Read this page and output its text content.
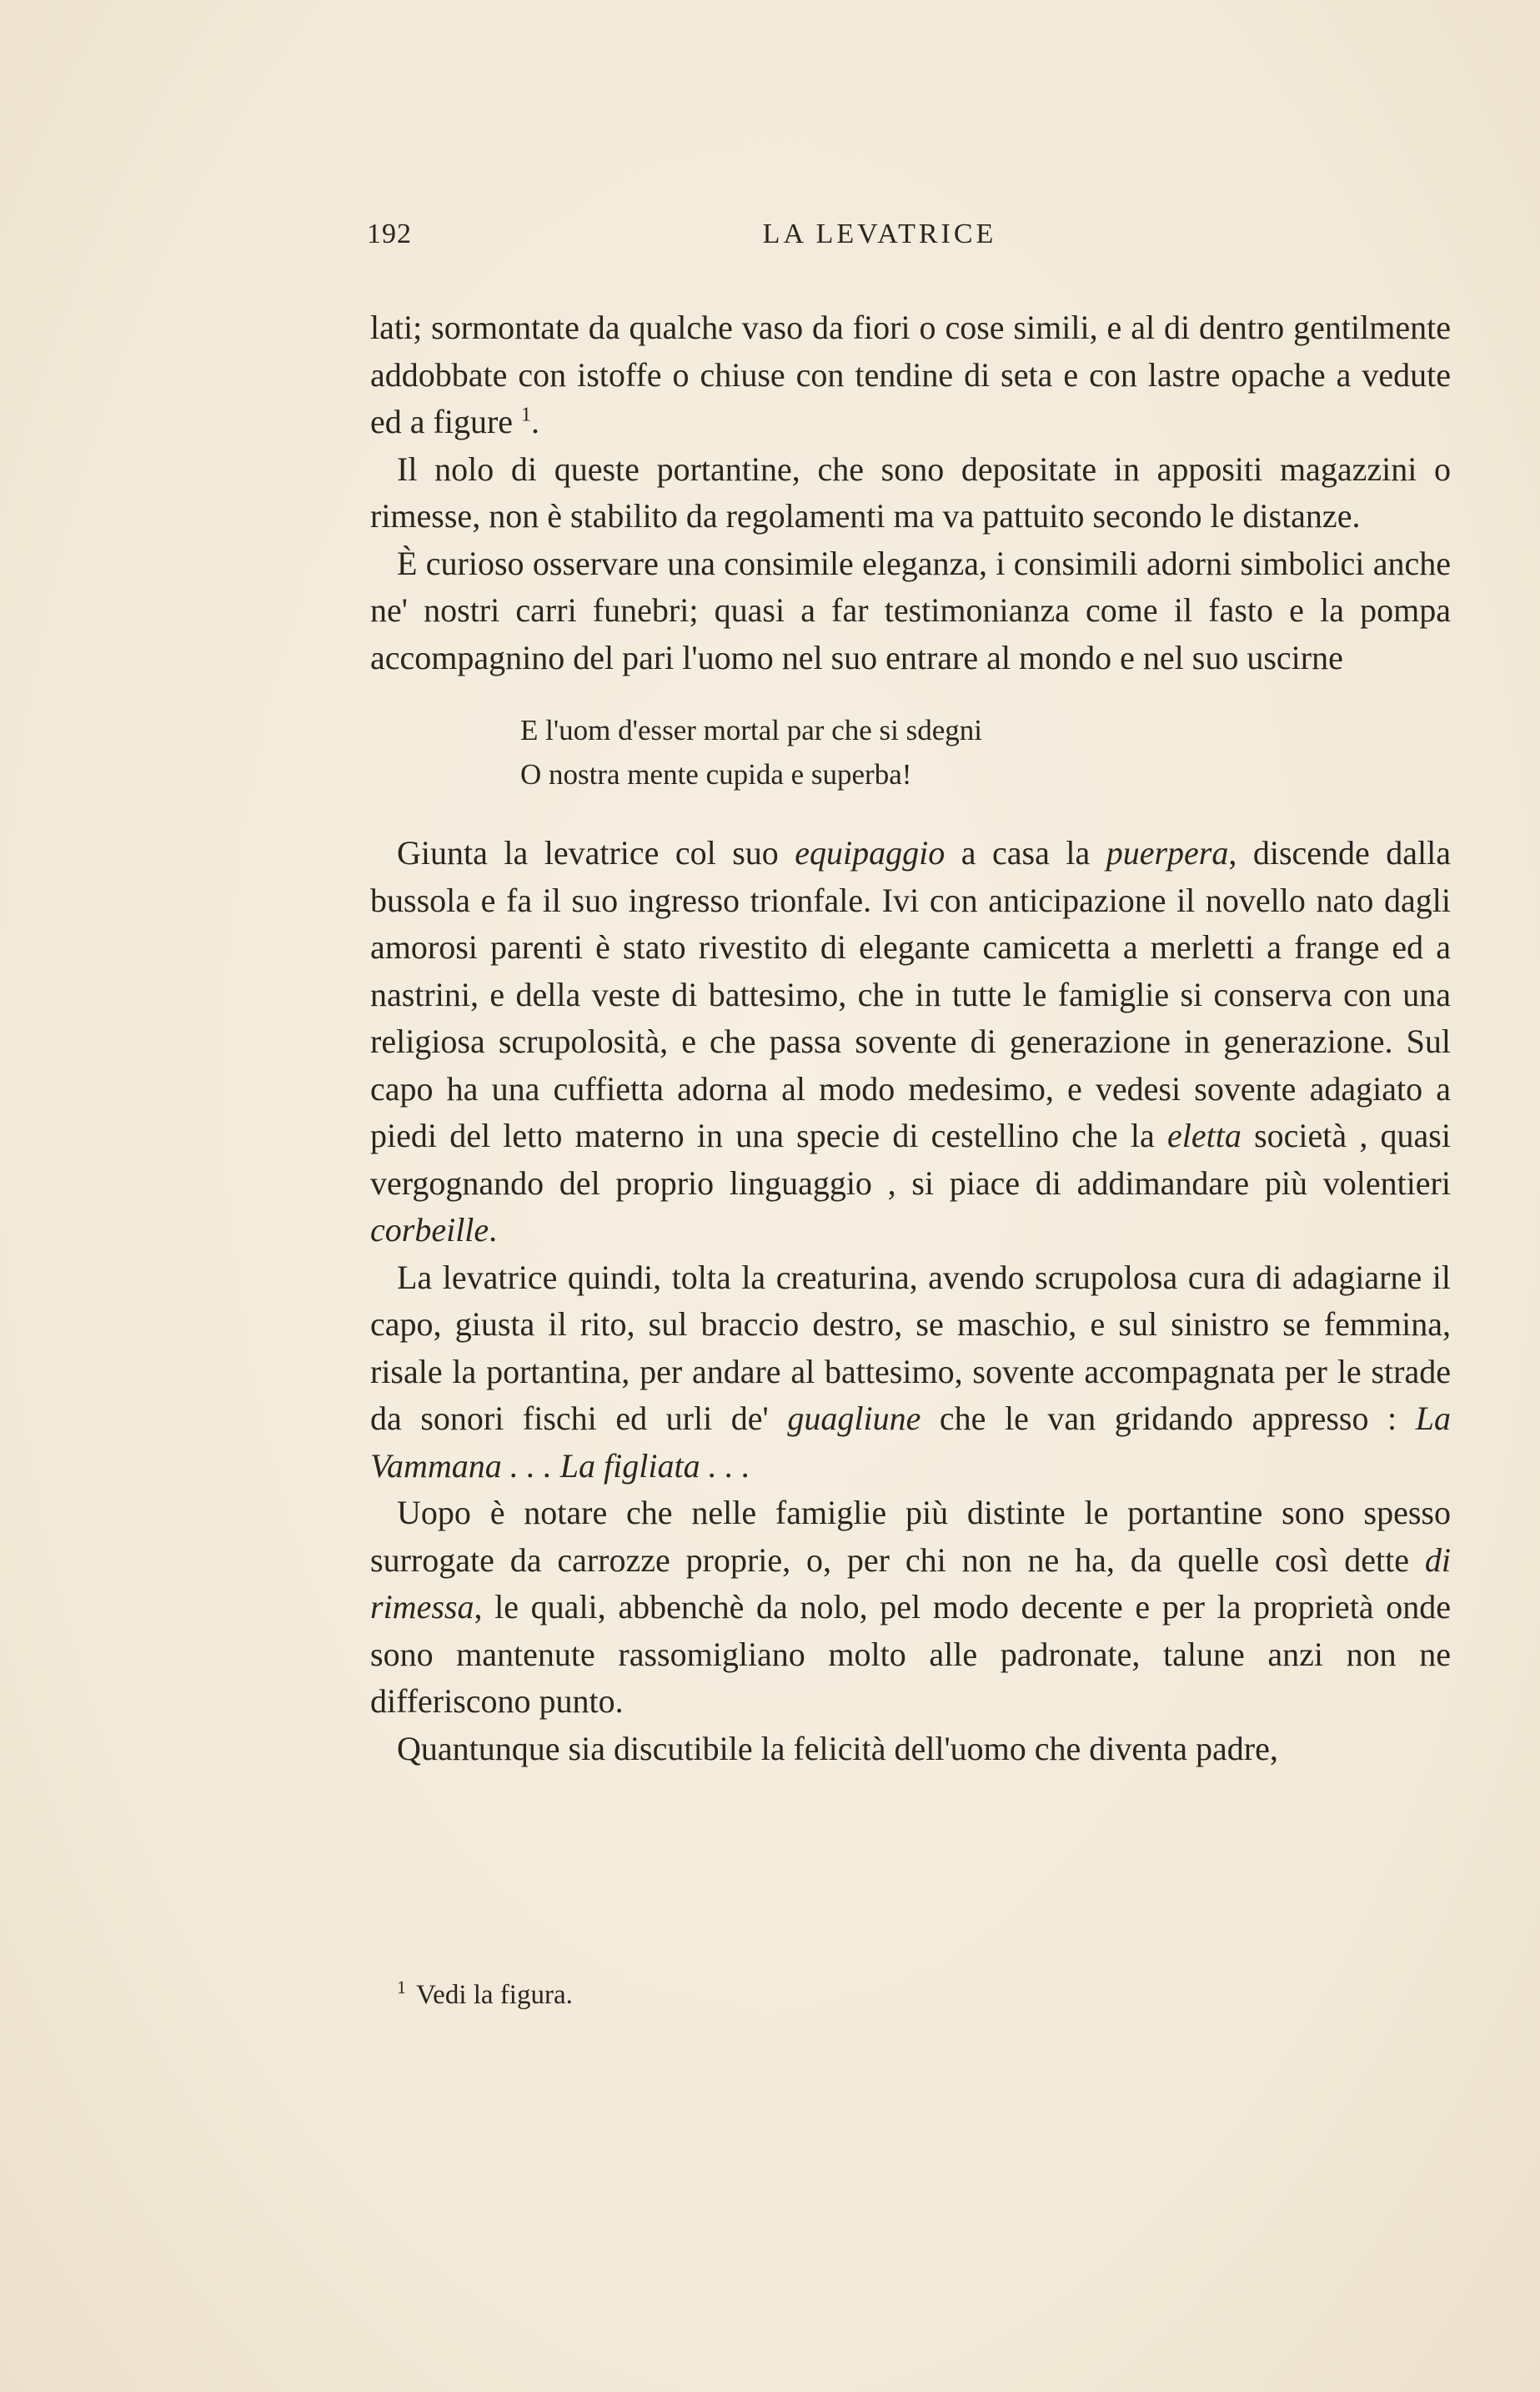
192	LA LEVATRICE

lati; sormontate da qualche vaso da fiori o cose simili, e al di dentro gentilmente addobbate con istoffe o chiuse con tendine di seta e con lastre opache a vedute ed a figure $^1$.

Il nolo di queste portantine, che sono depositate in appositi magazzini o rimesse, non è stabilito da regolamenti ma va pattuito secondo le distanze.

È curioso osservare una consimile eleganza, i consimili adorni simbolici anche ne' nostri carri funebri; quasi a far testimonianza come il fasto e la pompa accompagnino del pari l'uomo nel suo entrare al mondo e nel suo uscirne

E l'uom d'esser mortal par che si sdegni
O nostra mente cupida e superba!

Giunta la levatrice col suo equipaggio a casa la puerpera, discende dalla bussola e fa il suo ingresso trionfale. Ivi con anticipazione il novello nato dagli amorosi parenti è stato rivestito di elegante camicetta a merletti a frange ed a nastrini, e della veste di battesimo, che in tutte le famiglie si conserva con una religiosa scrupolosità, e che passa sovente di generazione in generazione. Sul capo ha una cuffietta adorna al modo medesimo, e vedesi sovente adagiato a piedi del letto materno in una specie di cestellino che la eletta società , quasi vergognando del proprio linguaggio , si piace di addimandare più volentieri corbeille.

La levatrice quindi, tolta la creaturina, avendo scrupolosa cura di adagiarne il capo, giusta il rito, sul braccio destro, se maschio, e sul sinistro se femmina, risale la portantina, per andare al battesimo, sovente accompagnata per le strade da sonori fischi ed urli de' guagliune che le van gridando appresso : La Vammana . . . La figliata . . .

Uopo è notare che nelle famiglie più distinte le portantine sono spesso surrogate da carrozze proprie, o, per chi non ne ha, da quelle così dette di rimessa, le quali, abbenchè da nolo, pel modo decente e per la proprietà onde sono mantenute rassomigliano molto alle padronate, talune anzi non ne differiscono punto.

Quantunque sia discutibile la felicità dell'uomo che diventa padre,

$^1$ Vedi la figura.
